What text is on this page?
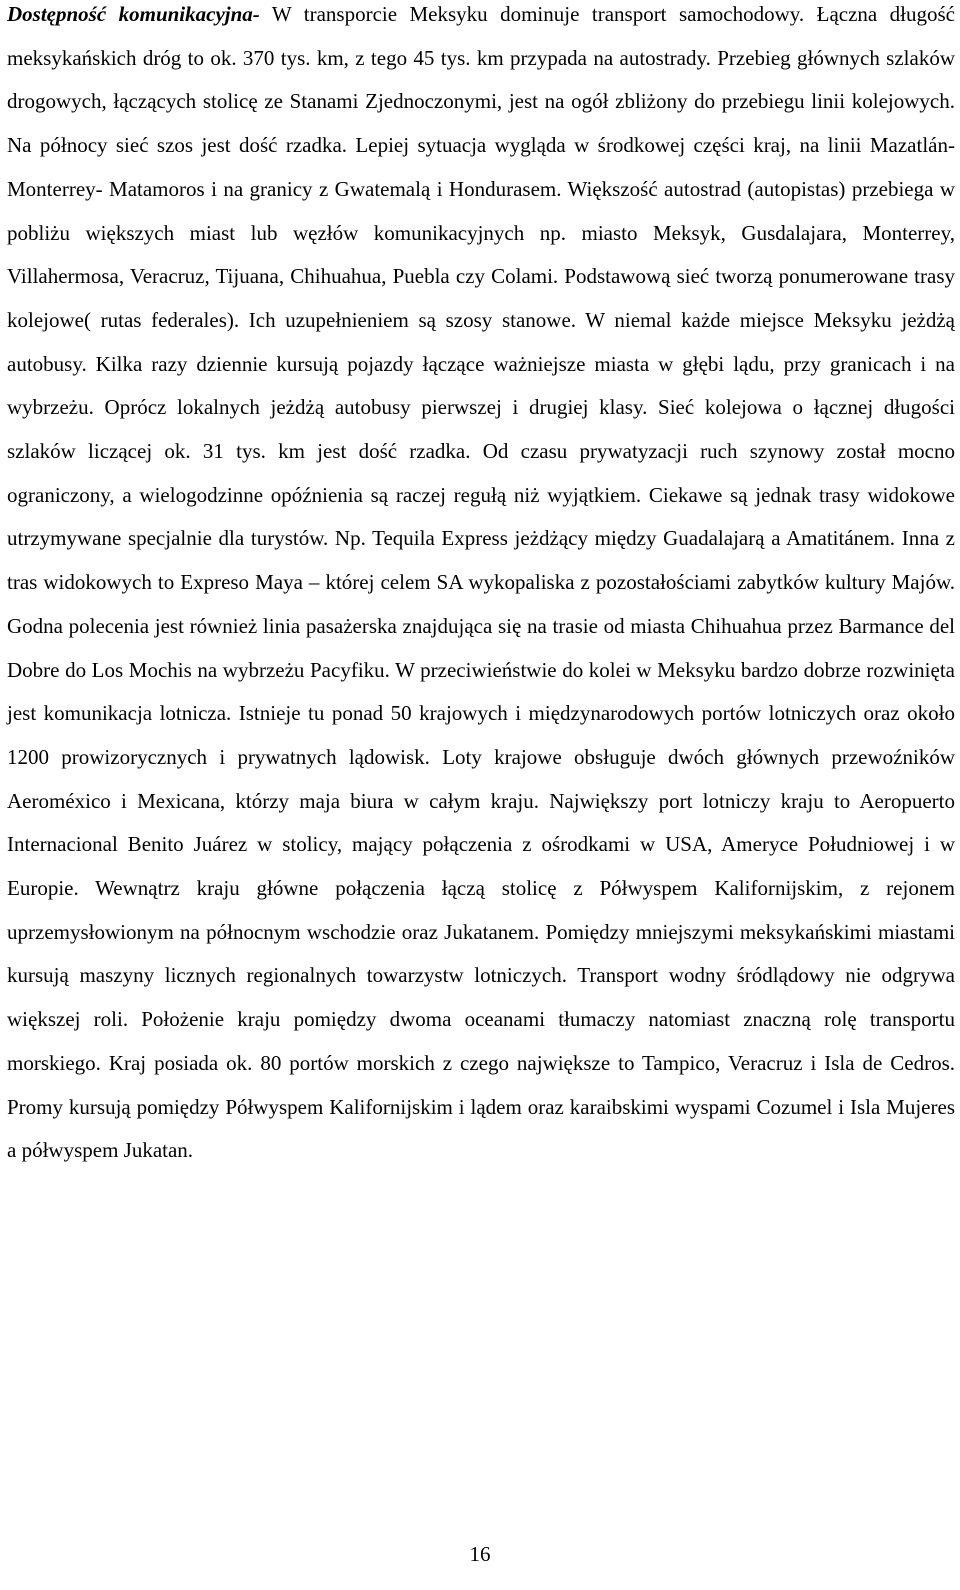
Dostępność komunikacyjna- W transporcie Meksyku dominuje transport samochodowy. Łączna długość meksykańskich dróg to ok. 370 tys. km, z tego 45 tys. km przypada na autostrady. Przebieg głównych szlaków drogowych, łączących stolicę ze Stanami Zjednoczonymi, jest na ogół zbliżony do przebiegu linii kolejowych. Na północy sieć szos jest dość rzadka. Lepiej sytuacja wygląda w środkowej części kraj, na linii Mazatlán-Monterrey- Matamoros i na granicy z Gwatemalą i Hondurasem. Większość autostrad (autopistas) przebiega w pobliżu większych miast lub węzłów komunikacyjnych np. miasto Meksyk, Gusdalajara, Monterrey, Villahermosa, Veracruz, Tijuana, Chihuahua, Puebla czy Colami. Podstawową sieć tworzą ponumerowane trasy kolejowe( rutas federales). Ich uzupełnieniem są szosy stanowe. W niemal każde miejsce Meksyku jeżdżą autobusy. Kilka razy dziennie kursują pojazdy łączące ważniejsze miasta w głębi lądu, przy granicach i na wybrzeżu. Oprócz lokalnych jeżdżą autobusy pierwszej i drugiej klasy. Sieć kolejowa o łącznej długości szlaków liczącej ok. 31 tys. km jest dość rzadka. Od czasu prywatyzacji ruch szynowy został mocno ograniczony, a wielogodzinne opóźnienia są raczej regułą niż wyjątkiem. Ciekawe są jednak trasy widokowe utrzymywane specjalnie dla turystów. Np. Tequila Express jeżdżący między Guadalajarą a Amatitánem. Inna z tras widokowych to Expreso Maya – której celem SA wykopaliska z pozostałościami zabytków kultury Majów. Godna polecenia jest również linia pasażerska znajdująca się na trasie od miasta Chihuahua przez Barmance del Dobre do Los Mochis na wybrzeżu Pacyfiku. W przeciwieństwie do kolei w Meksyku bardzo dobrze rozwinięta jest komunikacja lotnicza. Istnieje tu ponad 50 krajowych i międzynarodowych portów lotniczych oraz około 1200 prowizorycznych i prywatnych lądowisk. Loty krajowe obsługuje dwóch głównych przewoźników Aeroméxico i Mexicana, którzy maja biura w całym kraju. Największy port lotniczy kraju to Aeropuerto Internacional Benito Juárez w stolicy, mający połączenia z ośrodkami w USA, Ameryce Południowej i w Europie. Wewnątrz kraju główne połączenia łączą stolicę z Półwyspem Kalifornijskim, z rejonem uprzemysłowionym na północnym wschodzie oraz Jukatanem. Pomiędzy mniejszymi meksykańskimi miastami kursują maszyny licznych regionalnych towarzystw lotniczych. Transport wodny śródlądowy nie odgrywa większej roli. Położenie kraju pomiędzy dwoma oceanami tłumaczy natomiast znaczną rolę transportu morskiego. Kraj posiada ok. 80 portów morskich z czego największe to Tampico, Veracruz i Isla de Cedros. Promy kursują pomiędzy Półwyspem Kalifornijskim i lądem oraz karaibskimi wyspami Cozumel i Isla Mujeres a półwyspem Jukatan.

16
